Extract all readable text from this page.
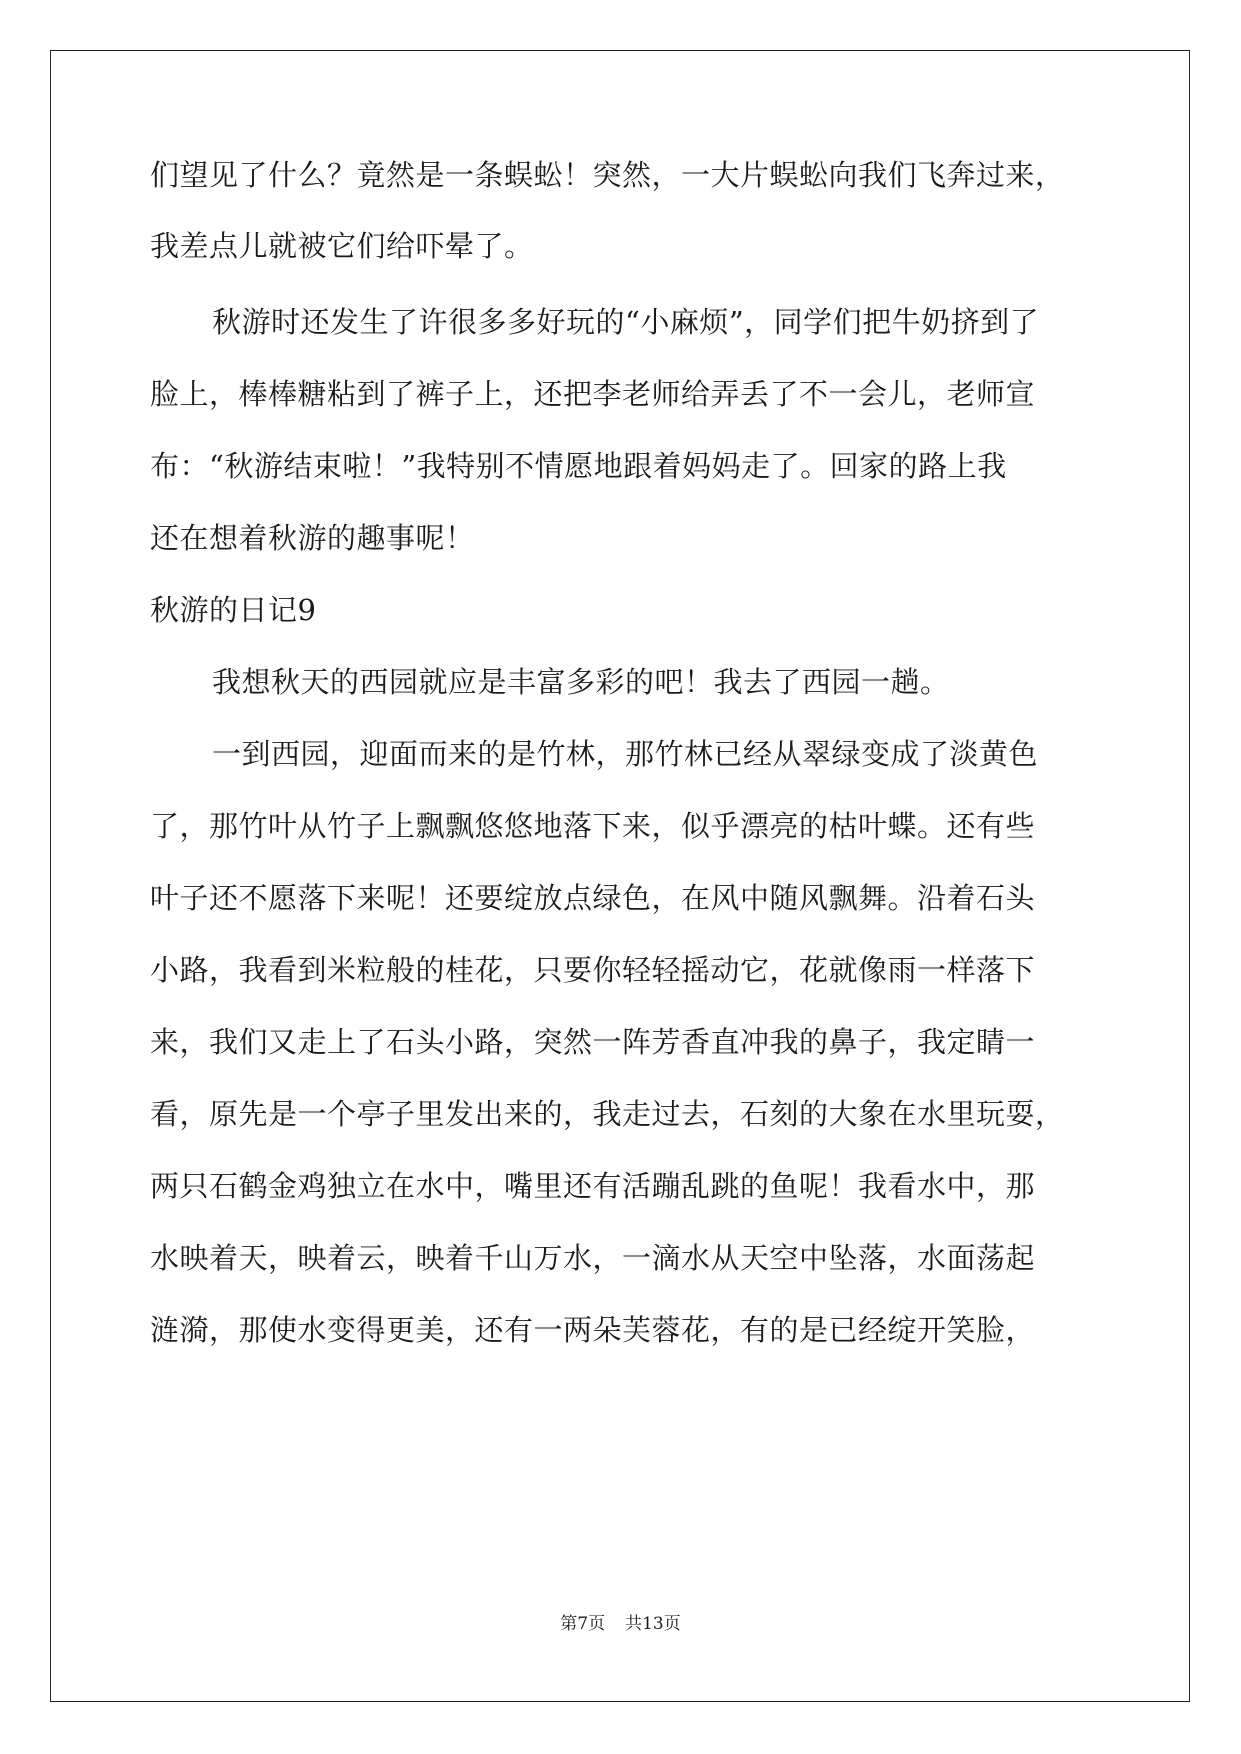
们望见了什么？竟然是一条蜈蚣！突然，一大片蜈蚣向我们飞奔过来，
我差点儿就被它们给吓晕了。
秋游时还发生了许很多多好玩的“小麻烦”，同学们把牛奶挤到了
脸上，棒棒糖粘到了裤子上，还把李老师给弄丢了不一会儿，老师宣
布：“秋游结束啦！”我特别不情愿地跟着妈妈走了。回家的路上我
还在想着秋游的趣事呢！
秋游的日记9
我想秋天的西园就应是丰富多彩的吧！我去了西园一趟。
一到西园，迎面而来的是竹林，那竹林已经从翠绿变成了淡黄色
了，那竹叶从竹子上飘飘悠悠地落下来，似乎漂亮的枯叶蝶。还有些
叶子还不愿落下来呢！还要绽放点绿色，在风中随风飘舞。沿着石头
小路，我看到米粒般的桂花，只要你轻轻摇动它，花就像雨一样落下
来，我们又走上了石头小路，突然一阵芳香直冲我的鼻子，我定睛一
看，原先是一个亭子里发出来的，我走过去，石刻的大象在水里玩耍，
两只石鹤金鸡独立在水中，嘴里还有活蹦乱跳的鱼呢！我看水中，那
水映着天，映着云，映着千山万水，一滴水从天空中坠落，水面荡起
涟漪，那使水变得更美，还有一两朵芙蓉花，有的是已经绽开笑脸，
第7页 共13页
